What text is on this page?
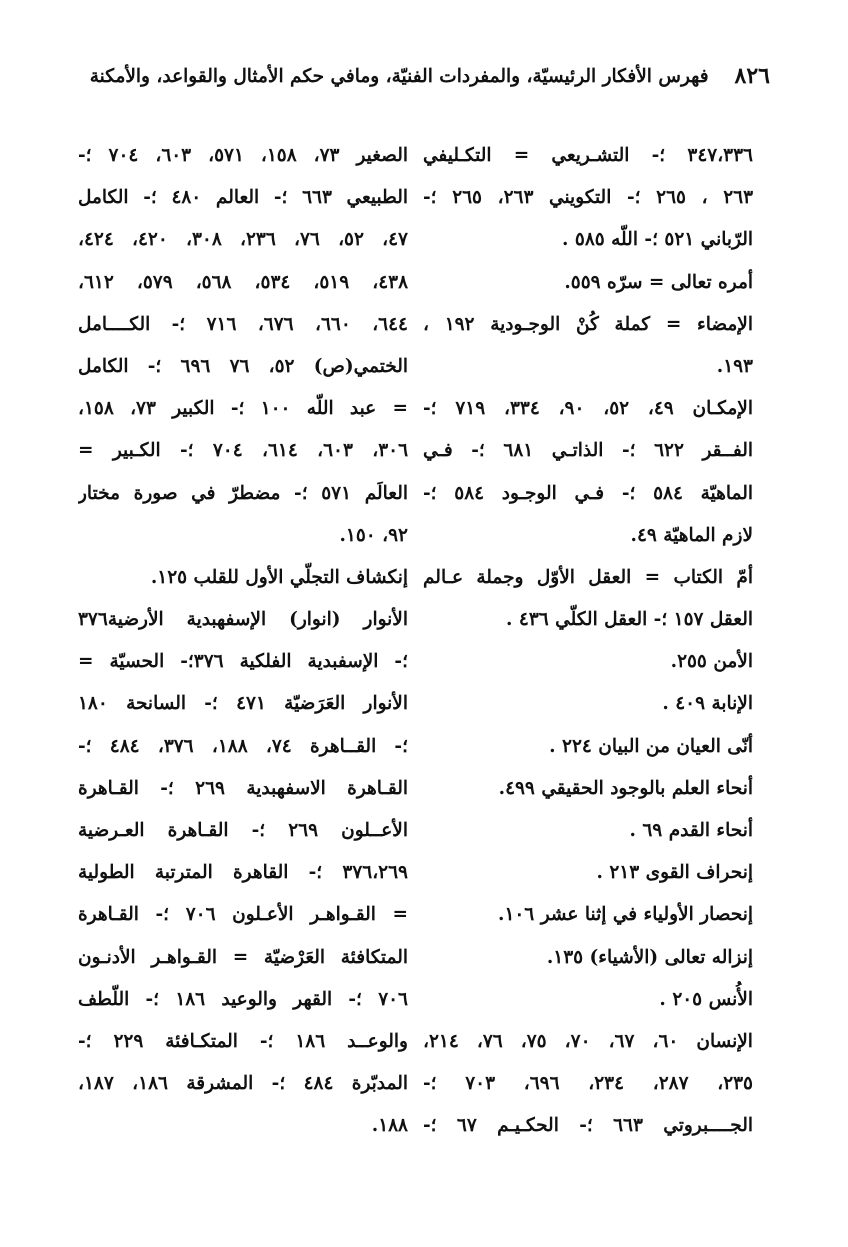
٨٢٦
فهرس الأفكار الرئيسيّة، والمفردات الفنيّة، ومافي حكم الأمثال والقواعد، والأمكنة
٣٤٧،٣٣٦ ؛- التشـريعي = التكـليفي
٢٦٣ ، ٢٦٥ ؛- التكويني ٢٦٣، ٢٦٥ ؛-
الرّباني ٥٢١ ؛- اللّه ٥٨٥ .
أمره تعالى = سرّه ٥٥٩.
الإمضاء = كملة كُنْ الوجـودية ١٩٢ ،
١٩٣.
الإمكـان ٤٩، ٥٢، ٩٠، ٣٣٤، ٧١٩ ؛-
الفــقر ٦٢٢ ؛- الذاتـي ٦٨١ ؛- فـي
الماهيّة ٥٨٤ ؛- فـي الوجـود ٥٨٤ ؛-
لازم الماهيّة ٤٩.
أمّ الكتاب = العقل الأوّل وجملة عـالم
العقل ١٥٧ ؛- العقل الكلّي ٤٣٦ .
الأمن ٢٥٥.
الإنابة ٤٠٩ .
أنّى العيان من البيان ٢٢٤ .
أنحاء العلم بالوجود الحقيقي ٤٩٩.
أنحاء القدم ٦٩ .
إنحراف القوى ٢١٣ .
إنحصار الأولياء في إثنا عشر ١٠٦.
إنزاله تعالى (الأشياء) ١٣٥.
الأُنس ٢٠٥ .
الإنسان ٦٠، ٦٧، ٧٠، ٧٥، ٧٦، ٢١٤،
٢٣٥، ٢٨٧، ٢٣٤، ٦٩٦، ٧٠٣ ؛-
الجــــبروتي ٦٦٣ ؛- الحكـيـم ٦٧ ؛-
الصغير ٧٣، ١٥٨، ٥٧١، ٦٠٣، ٧٠٤ ؛-
الطبيعي ٦٦٣ ؛- العالم ٤٨٠ ؛- الكامل
٤٧، ٥٢، ٧٦، ٢٣٦، ٣٠٨، ٤٢٠، ٤٢٤،
٤٣٨، ٥١٩، ٥٣٤، ٥٦٨، ٥٧٩، ٦١٢،
٦٤٤، ٦٦٠، ٦٧٦، ٧١٦ ؛- الكــــامل
الختمي(ص) ٥٢، ٧٦ ٦٩٦ ؛- الكامل
= عبد اللّه ١٠٠ ؛- الكبير ٧٣، ١٥٨،
٣٠٦، ٦٠٣، ٦١٤، ٧٠٤ ؛- الكـبير =
العالَم ٥٧١ ؛- مضطرّ في صورة مختار
٩٢، ١٥٠.
إنكشاف التجلّي الأول للقلب ١٢٥.
الأنوار (انوار) الإسفهبدية الأرضية٣٧٦
؛- الإسفبدية الفلكية ٣٧٦؛- الحسيّة =
الأنوار العَرَضيّة ٤٧١ ؛- السانحة ١٨٠
؛- القــاهرة ٧٤، ١٨٨، ٣٧٦، ٤٨٤ ؛-
القـاهرة الاسفهبدية ٢٦٩ ؛- القـاهرة
الأعــلون ٢٦٩ ؛- القـاهرة العـرضية
٣٧٦،٢٦٩ ؛- القاهرة المترتبة الطولية
= القـواهـر الأعـلون ٧٠٦ ؛- القـاهرة
المتكافئة العَرْضيّة = القـواهـر الأدنـون
٧٠٦ ؛- القهر والوعيد ١٨٦ ؛- اللّطف
والوعــد ١٨٦ ؛- المتكـافئة ٢٢٩ ؛-
المدبّرة ٤٨٤ ؛- المشرقة ١٨٦، ١٨٧،
١٨٨.
